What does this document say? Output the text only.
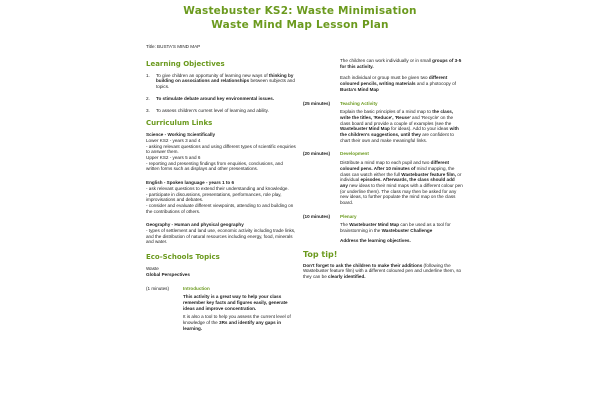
Wastebuster KS2: Waste Minimisation
Waste Mind Map Lesson Plan
Title: BUSTA'S MIND MAP
Learning Objectives
1.	To give children an opportunity of learning new ways of thinking by building on associations and relationships between subjects and topics.
2.	To stimulate debate around key environmental issues.
3.	To assess children's current level of learning and ability.
Curriculum Links
Science - Working Scientifically
Lower KS2 - years 3 and 4
- asking relevant questions and using different types of scientific enquiries to answer them.
Upper KS2 - years 5 and 6
- reporting and presenting findings from enquiries, conclusions, and written forms such as displays and other presentations.
English - Spoken language - years 1 to 6
- ask relevant questions to extend their understanding and knowledge.
- participate in discussions, presentations, performances, role play, improvisations and debates.
- consider and evaluate different viewpoints, attending to and building on the contributions of others.
Geography - Human and physical geography
- types of settlement and land use, economic activity including trade links, and the distribution of natural resources including energy, food, minerals and water.
Eco-Schools Topics
Waste
Global Perspectives
(1 minutes)	Introduction
This activity is a great way to help your class remember key facts and figures easily, generate ideas and improve concentration.
It is also a tool to help you assess the current level of knowledge of the 3Rs and identify any gaps in learning.
The children can work individually or in small groups of 3-5 for this activity.
Each individual or group must be given two different coloured pencils, writing materials and a photocopy of Busta's Mind Map
(25 minutes)	Teaching Activity
Explain the basic principles of a mind map to the class, write the titles, 'Reduce', 'Reuse' and 'Recycle' on the class board and provide a couple of examples (see the Wastebuster Mind Map for ideas). Add to your ideas with the children's suggestions, until they are confident to chart their own and make meaningful links.
(20 minutes)	Development
Distribute a mind map to each pupil and two different coloured pens. After 10 minutes of mind mapping, the class can watch either the full Wastebuster feature film, or individual episodes. Afterwards, the class should add any new ideas to their mind maps with a different colour pen (or underline them). The class may then be asked for any new ideas, to further populate the mind map on the class board.
(10 minutes)	Plenary
The Wastebuster Mind Map can be used as a tool for brainstorming in the Wastebuster Challenge
Address the learning objectives.
Top tip!
Don't forget to ask the children to make their additions (following the Wastebuster feature film) with a different coloured pen and underline them, so they can be clearly identified.
